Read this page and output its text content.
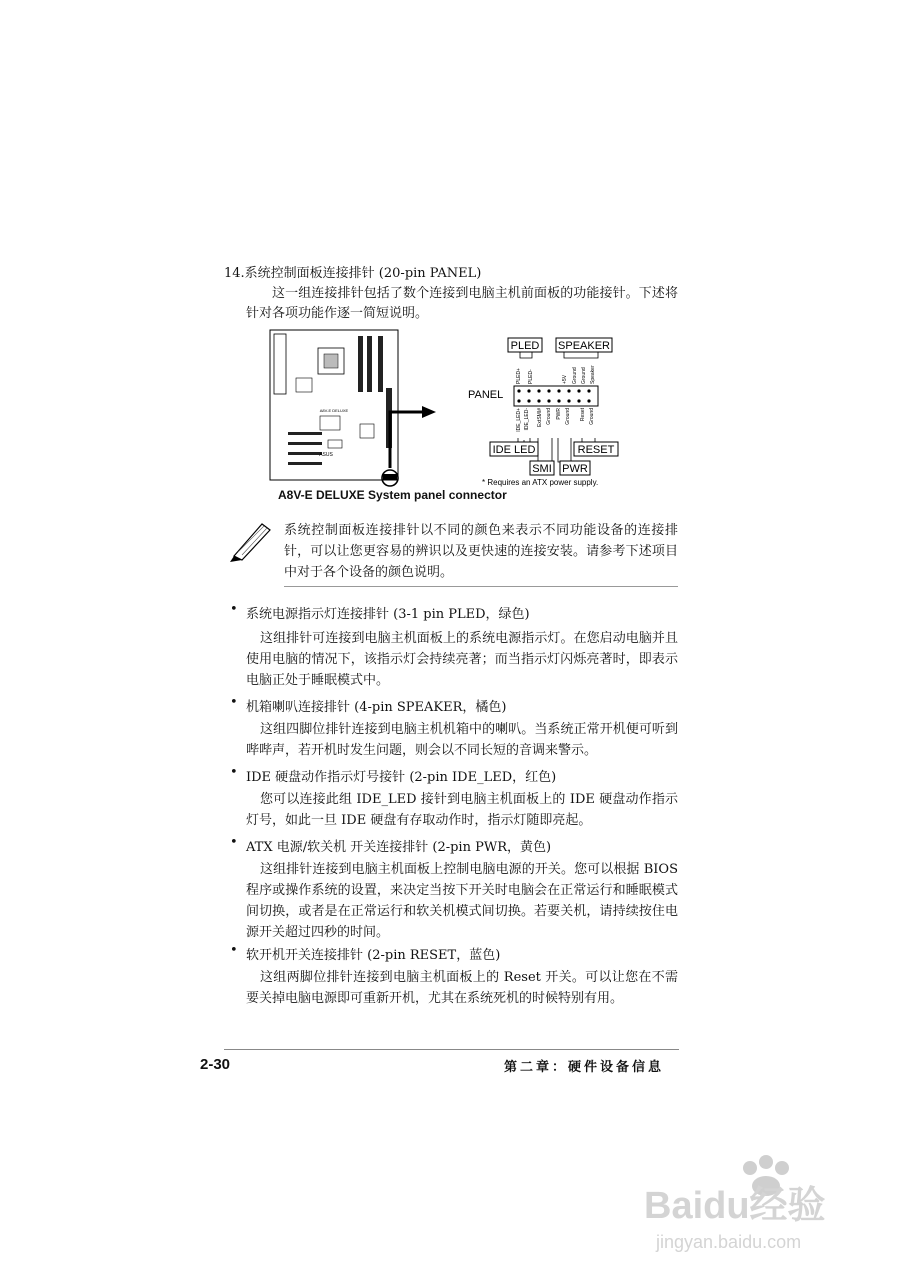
14.系统控制面板连接排针 (20-pin PANEL)

这一组连接排针包括了数个连接到电脑主机前面板的功能接针。下述将针对各项功能作逐一简短说明。

A8V-E DELUXE
ASUS
PANEL
PLED SPEAKER
PLED+ PLED-	+5V Ground Ground Speaker
IDE_LED+ IDE_LED- ExtSMI# Ground PWR Ground Reset Ground
IDE LED
SMI PWR
RESET
* Requires an ATX power supply.
A8V-E DELUXE System panel connector
系统控制面板连接排针以不同的颜色来表示不同功能设备的连接排针，可以让您更容易的辨识以及更快速的连接安装。请参考下述项目中对于各个设备的颜色说明。
• 系统电源指示灯连接排针 (3-1 pin PLED，绿色)

这组排针可连接到电脑主机面板上的系统电源指示灯。在您启动电脑并且使用电脑的情况下，该指示灯会持续亮著；而当指示灯闪烁亮著时，即表示电脑正处于睡眠模式中。

• 机箱喇叭连接排针 (4-pin SPEAKER，橘色)

这组四脚位排针连接到电脑主机机箱中的喇叭。当系统正常开机便可听到哔哔声，若开机时发生问题，则会以不同长短的音调来警示。

• IDE 硬盘动作指示灯号接针 (2-pin IDE_LED，红色)

您可以连接此组 IDE_LED 接针到电脑主机面板上的 IDE 硬盘动作指示灯号，如此一旦 IDE 硬盘有存取动作时，指示灯随即亮起。

• ATX 电源/软关机 开关连接排针 (2-pin PWR，黄色)

这组排针连接到电脑主机面板上控制电脑电源的开关。您可以根据 BIOS 程序或操作系统的设置，来决定当按下开关时电脑会在正常运行和睡眠模式间切换，或者是在正常运行和软关机模式间切换。若要关机，请持续按住电源开关超过四秒的时间。

• 软开机开关连接排针 (2-pin RESET，蓝色)

这组两脚位排针连接到电脑主机面板上的 Reset 开关。可以让您在不需要关掉电脑电源即可重新开机，尤其在系统死机的时候特别有用。

2-30	第二章：硬件设备信息
Baidu经验
jingyan.baidu.com
